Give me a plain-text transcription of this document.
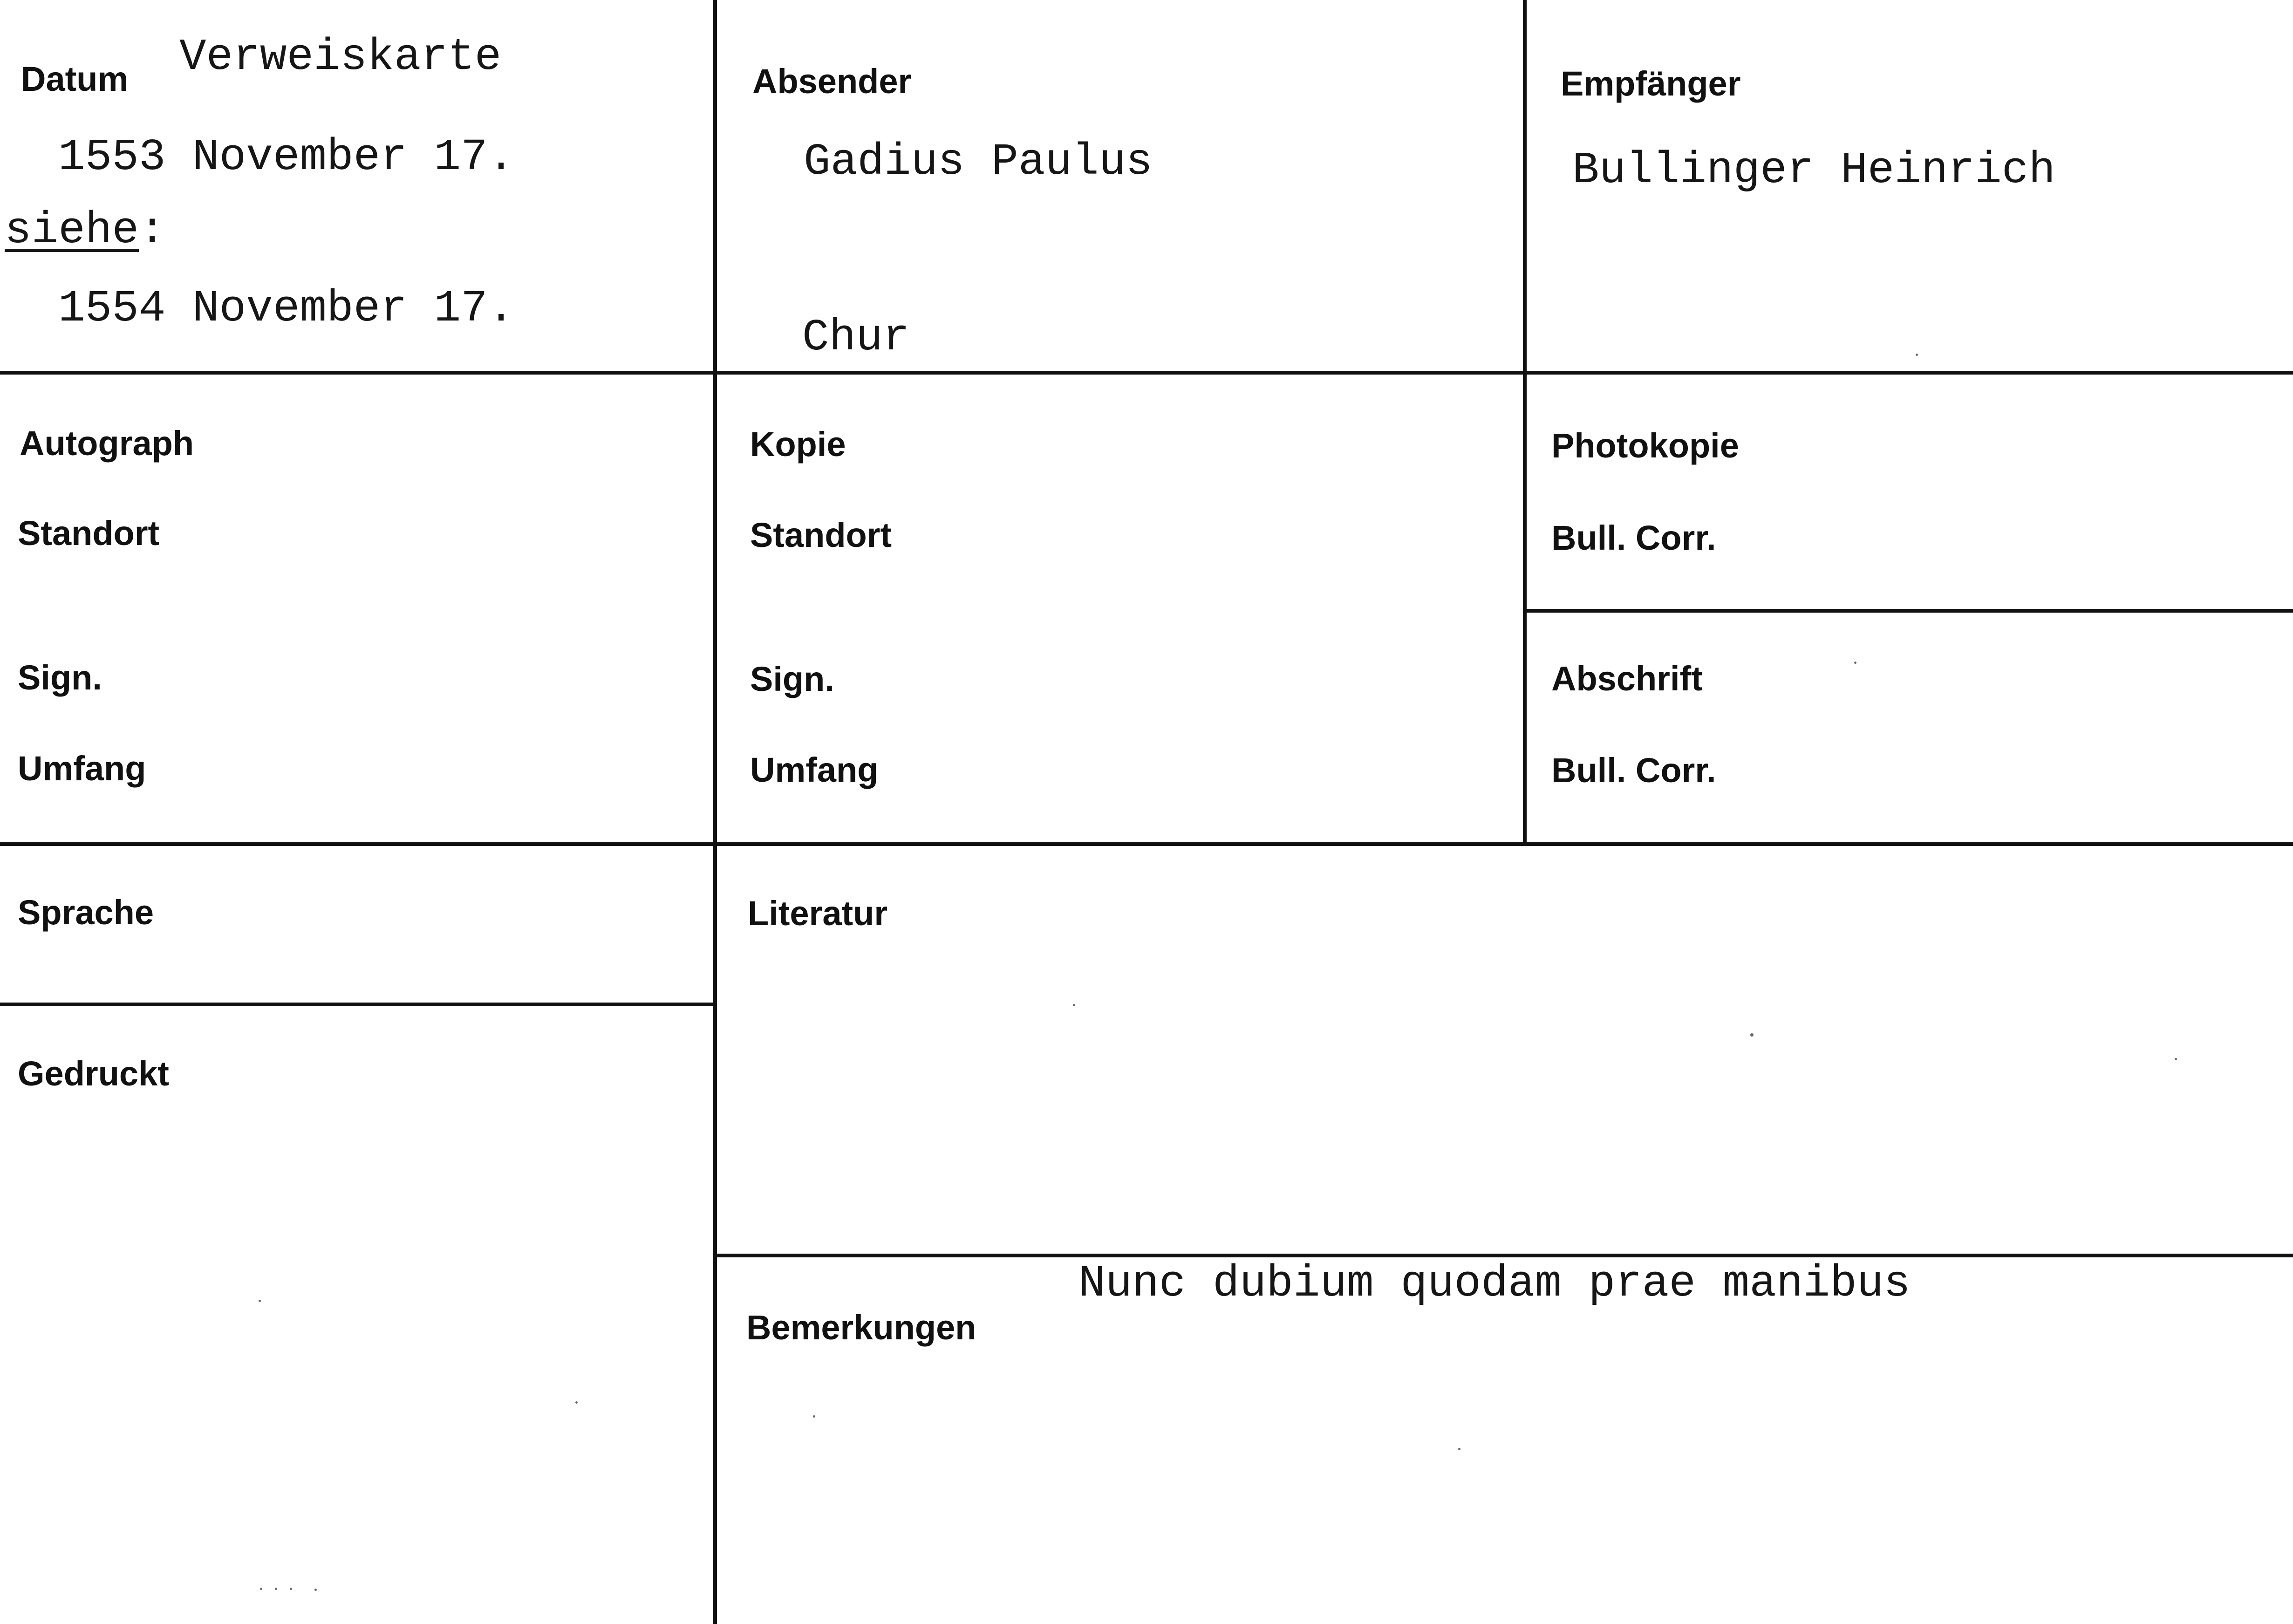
Datum Verweiskarte
1553 November 17.
siehe:
1554 November 17.
Absender
Gadius Paulus
Chur
Empfänger
Bullinger Heinrich
Autograph
Standort
Sign.
Umfang
Kopie
Standort
Sign.
Umfang
Photokopie
Bull. Corr.
Abschrift
Bull. Corr.
Sprache
Gedruckt
Literatur
Bemerkungen
Nunc dubium quodam prae manibus
